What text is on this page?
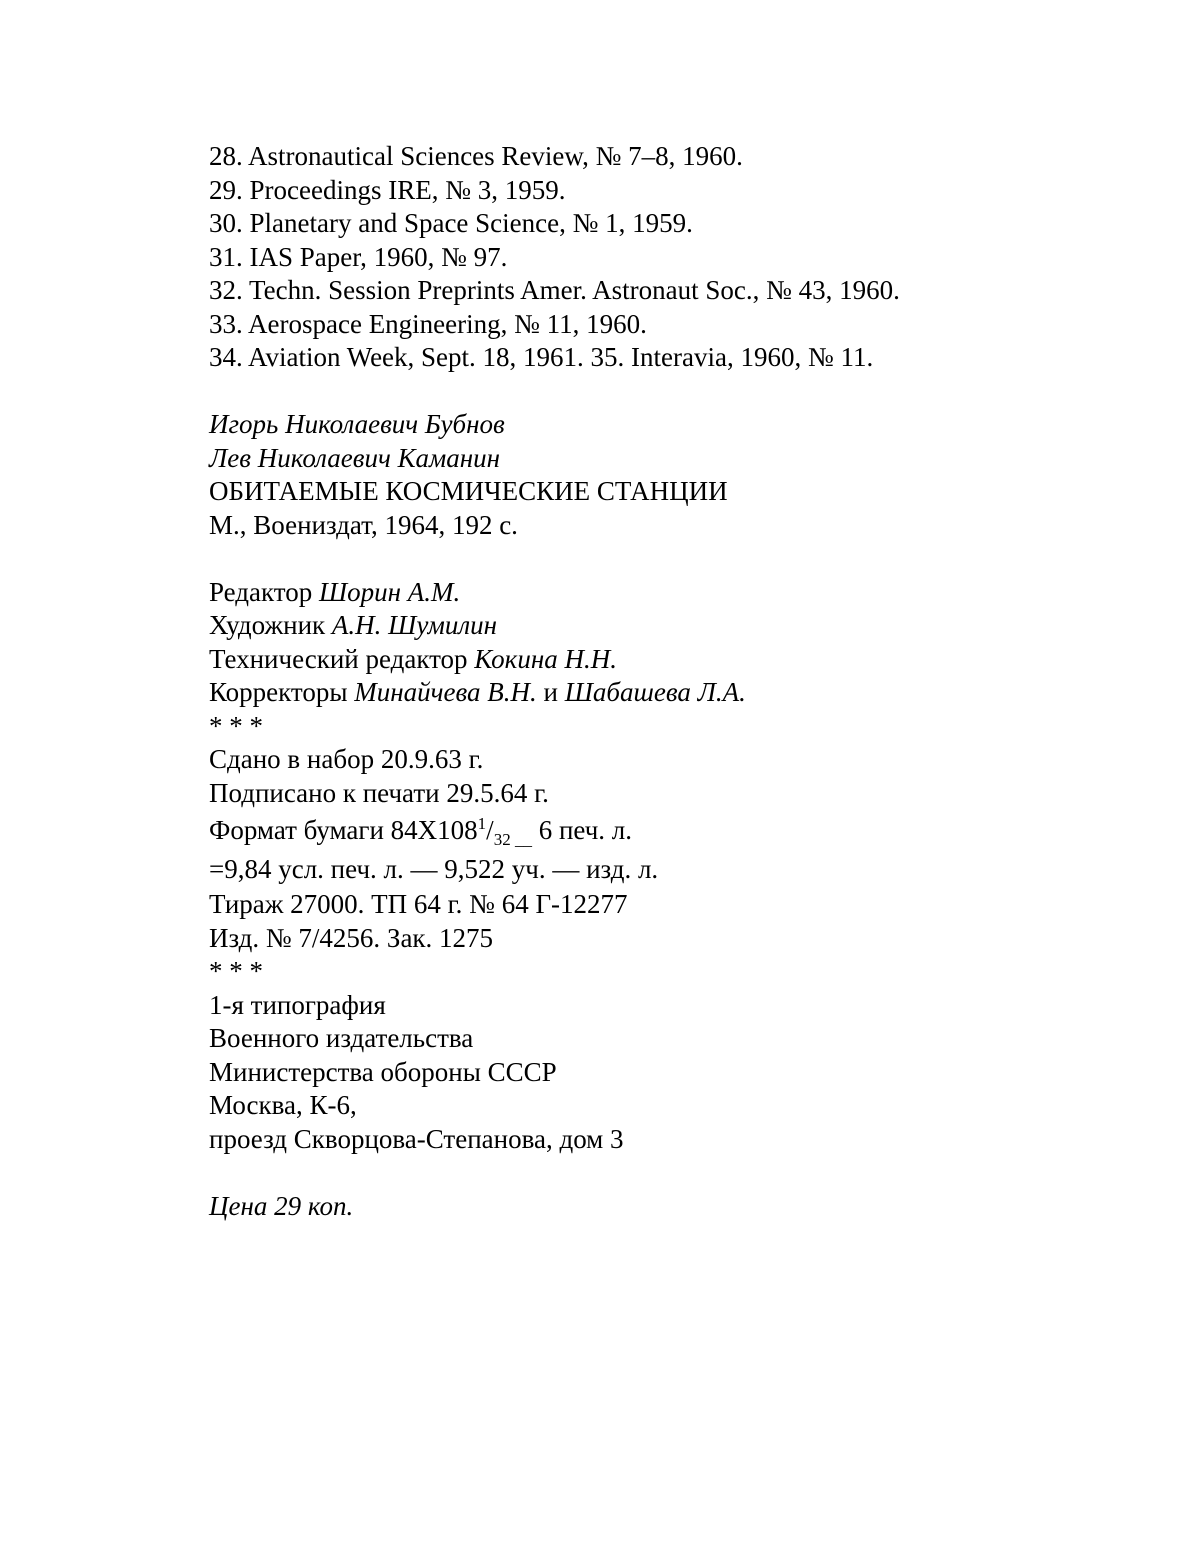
28. Astronautical Sciences Review, № 7–8, 1960.
29. Proceedings IRE, № 3, 1959.
30. Planetary and Space Science, № 1, 1959.
31. IAS Paper, 1960, № 97.
32. Techn. Session Preprints Amer. Astronaut Soc., № 43, 1960.
33. Aerospace Engineering, № 11, 1960.
34. Aviation Week, Sept. 18, 1961. 35. Interavia, 1960, № 11.
Игорь Николаевич Бубнов
Лев Николаевич Каманин
ОБИТАЕМЫЕ КОСМИЧЕСКИЕ СТАНЦИИ
М., Воениздат, 1964, 192 с.
Редактор Шорин А.М.
Художник А.Н. Шумилин
Технический редактор Кокина Н.Н.
Корректоры Минайчева В.Н. и Шабашева Л.А.
* * *
Сдано в набор 20.9.63 г.
Подписано к печати 29.5.64 г.
Формат бумаги $84X108^1/_{32 \_\_}$ 6 печ. л.
=9,84 усл. печ. л. — 9,522 уч. — изд. л.
Тираж 27000. ТП 64 г. № 64 Г-12277
Изд. № 7/4256. Зак. 1275
* * *
1-я типография
Военного издательства
Министерства обороны СССР
Москва, К-6,
проезд Скворцова-Степанова, дом 3
Цена 29 коп.
